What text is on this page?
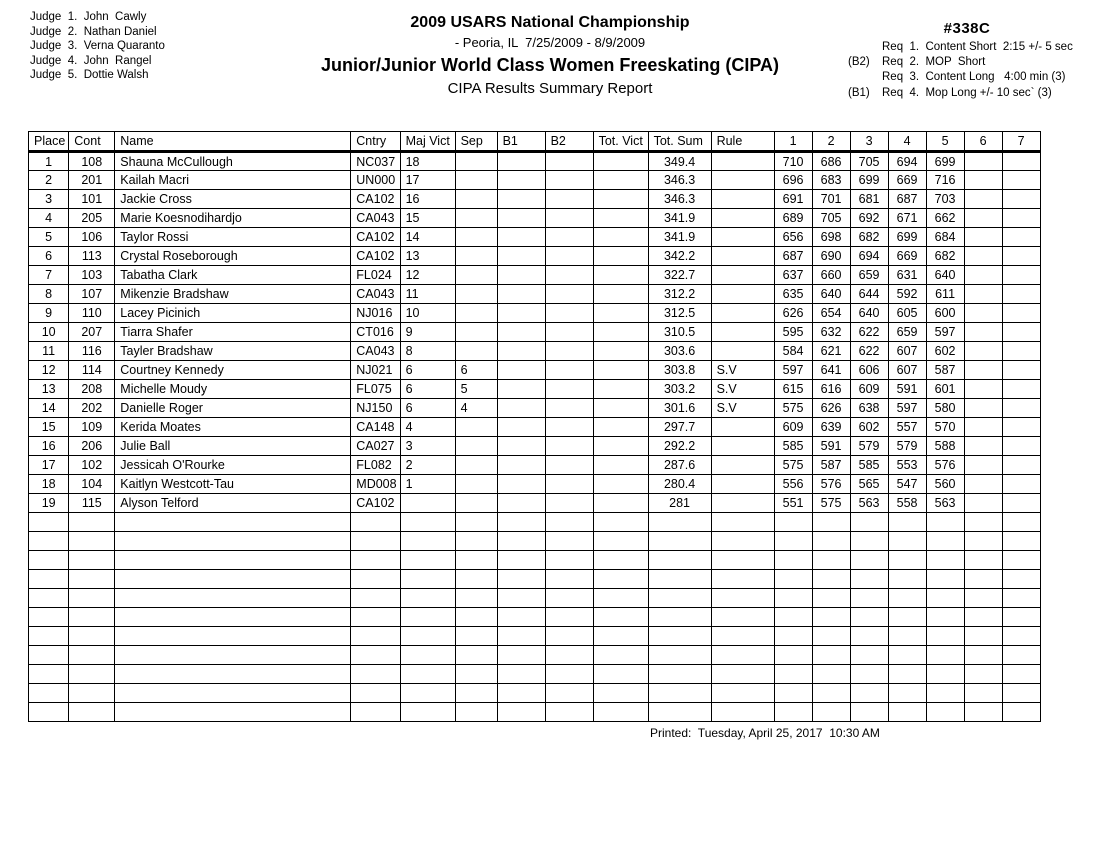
Judge  1.  John  Cawly
Judge  2.  Nathan Daniel
Judge  3.  Verna Quaranto
Judge  4.  John  Rangel
Judge  5.  Dottie Walsh
2009 USARS National Championship
- Peoria, IL  7/25/2009 - 8/9/2009
Junior/Junior World Class Women Freeskating (CIPA)
CIPA Results Summary Report
#338C
Req  1.  Content Short  2:15 +/- 5 sec
(B2)	Req  2.  MOP  Short
Req  3.  Content Long   4:00 min (3)
(B1)	Req  4.  Mop Long +/- 10 sec` (3)
Place	Cont	Name	Cntry	Maj Vict	Sep	B1	B2	Tot. Vict	Tot. Sum	Rule	1	2	3	4	5	6	7
1	108	Shauna McCullough	NC037	18					349.4		710	686	705	694	699		
2	201	Kailah Macri	UN000	17					346.3		696	683	699	669	716		
3	101	Jackie Cross	CA102	16					346.3		691	701	681	687	703		
4	205	Marie Koesnodihardjo	CA043	15					341.9		689	705	692	671	662		
5	106	Taylor Rossi	CA102	14					341.9		656	698	682	699	684		
6	113	Crystal Roseborough	CA102	13					342.2		687	690	694	669	682		
7	103	Tabatha Clark	FL024	12					322.7		637	660	659	631	640		
8	107	Mikenzie Bradshaw	CA043	11					312.2		635	640	644	592	611		
9	110	Lacey Picinich	NJ016	10					312.5		626	654	640	605	600		
10	207	Tiarra Shafer	CT016	9					310.5		595	632	622	659	597		
11	116	Tayler Bradshaw	CA043	8					303.6		584	621	622	607	602		
12	114	Courtney Kennedy	NJ021	6	6				303.8	S.V	597	641	606	607	587		
13	208	Michelle Moudy	FL075	6	5				303.2	S.V	615	616	609	591	601		
14	202	Danielle Roger	NJ150	6	4				301.6	S.V	575	626	638	597	580		
15	109	Kerida Moates	CA148	4					297.7		609	639	602	557	570		
16	206	Julie Ball	CA027	3					292.2		585	591	579	579	588		
17	102	Jessicah O'Rourke	FL082	2					287.6		575	587	585	553	576		
18	104	Kaitlyn Westcott-Tau	MD008	1					280.4		556	576	565	547	560		
19	115	Alyson Telford	CA102						281		551	575	563	558	563		

Printed:  Tuesday, April 25, 2017  10:30 AM
